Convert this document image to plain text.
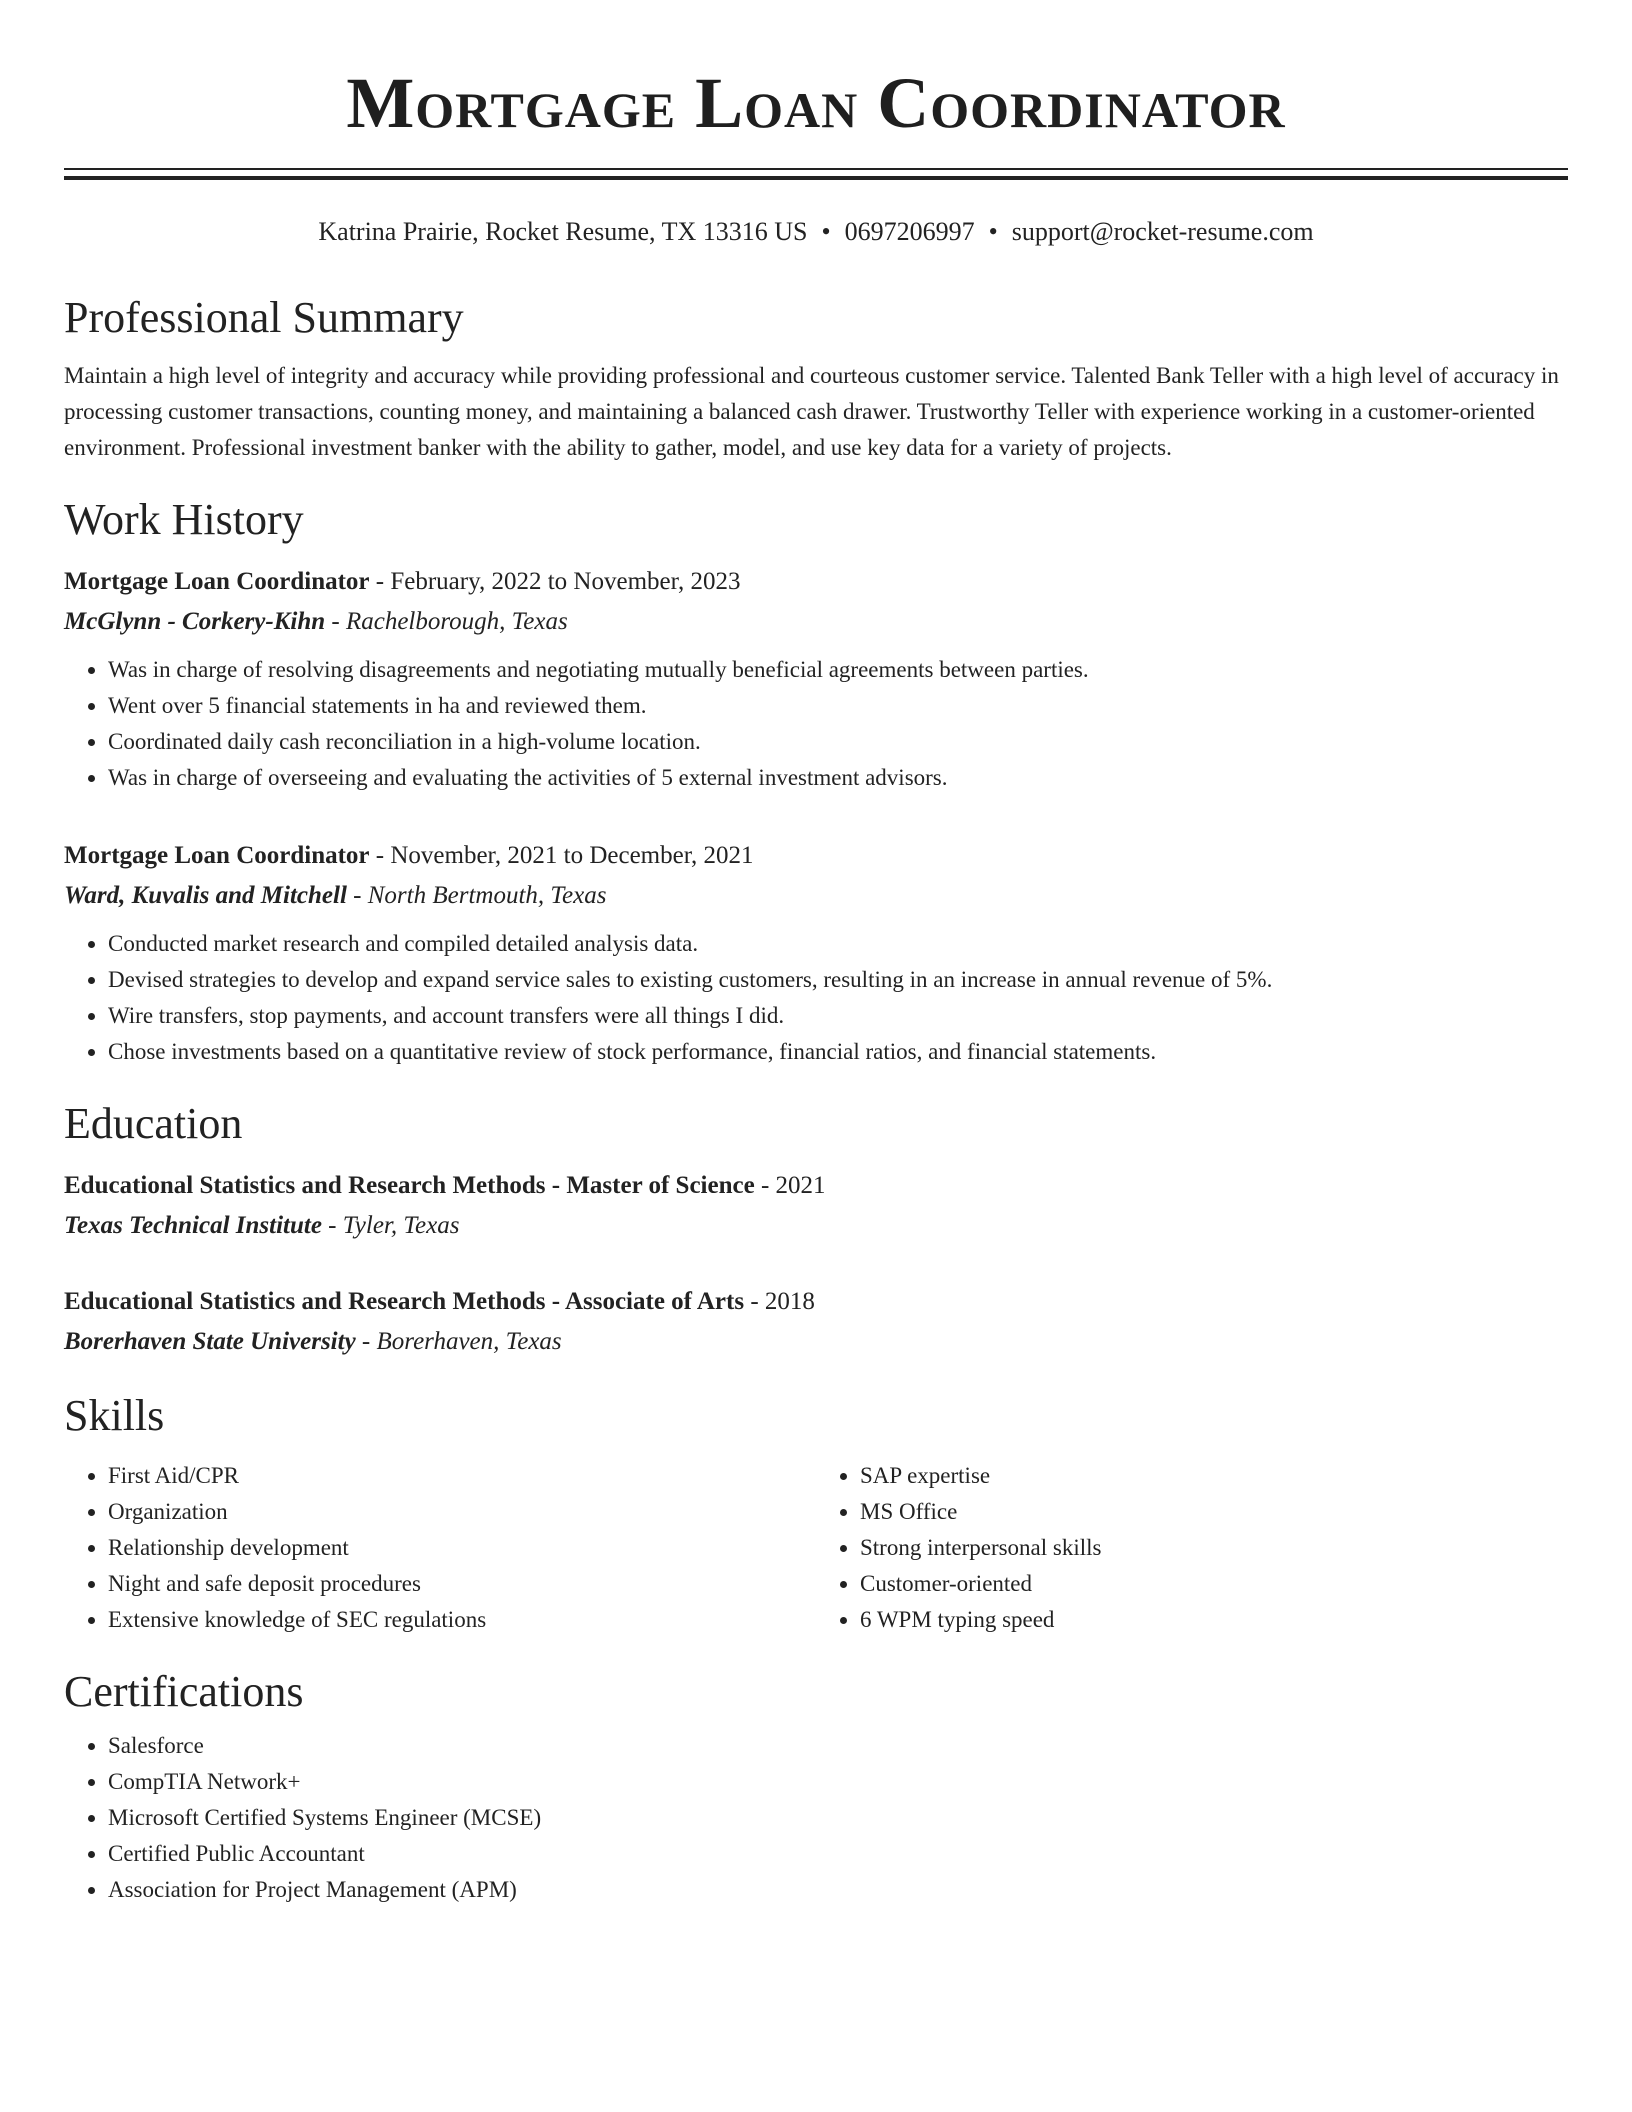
Mortgage Loan Coordinator
Katrina Prairie, Rocket Resume, TX 13316 US • 0697206997 • support@rocket-resume.com
Professional Summary

Maintain a high level of integrity and accuracy while providing professional and courteous customer service. Talented Bank Teller with a high level of accuracy in processing customer transactions, counting money, and maintaining a balanced cash drawer. Trustworthy Teller with experience working in a customer-oriented environment. Professional investment banker with the ability to gather, model, and use key data for a variety of projects.

Work History
Mortgage Loan Coordinator - February, 2022 to November, 2023
McGlynn - Corkery-Kihn - Rachelborough, Texas
• Was in charge of resolving disagreements and negotiating mutually beneficial agreements between parties.
• Went over 5 financial statements in ha and reviewed them.
• Coordinated daily cash reconciliation in a high-volume location.
• Was in charge of overseeing and evaluating the activities of 5 external investment advisors.
Mortgage Loan Coordinator - November, 2021 to December, 2021
Ward, Kuvalis and Mitchell - North Bertmouth, Texas
• Conducted market research and compiled detailed analysis data.
• Devised strategies to develop and expand service sales to existing customers, resulting in an increase in annual revenue of 5%.
• Wire transfers, stop payments, and account transfers were all things I did.
• Chose investments based on a quantitative review of stock performance, financial ratios, and financial statements.
Education
Educational Statistics and Research Methods - Master of Science - 2021
Texas Technical Institute - Tyler, Texas
Educational Statistics and Research Methods - Associate of Arts - 2018
Borerhaven State University - Borerhaven, Texas
Skills
• First Aid/CPR
• Organization
• Relationship development
• Night and safe deposit procedures
• Extensive knowledge of SEC regulations
• SAP expertise
• MS Office
• Strong interpersonal skills
• Customer-oriented
• 6 WPM typing speed
Certifications
• Salesforce
• CompTIA Network+
• Microsoft Certified Systems Engineer (MCSE)
• Certified Public Accountant
• Association for Project Management (APM)
